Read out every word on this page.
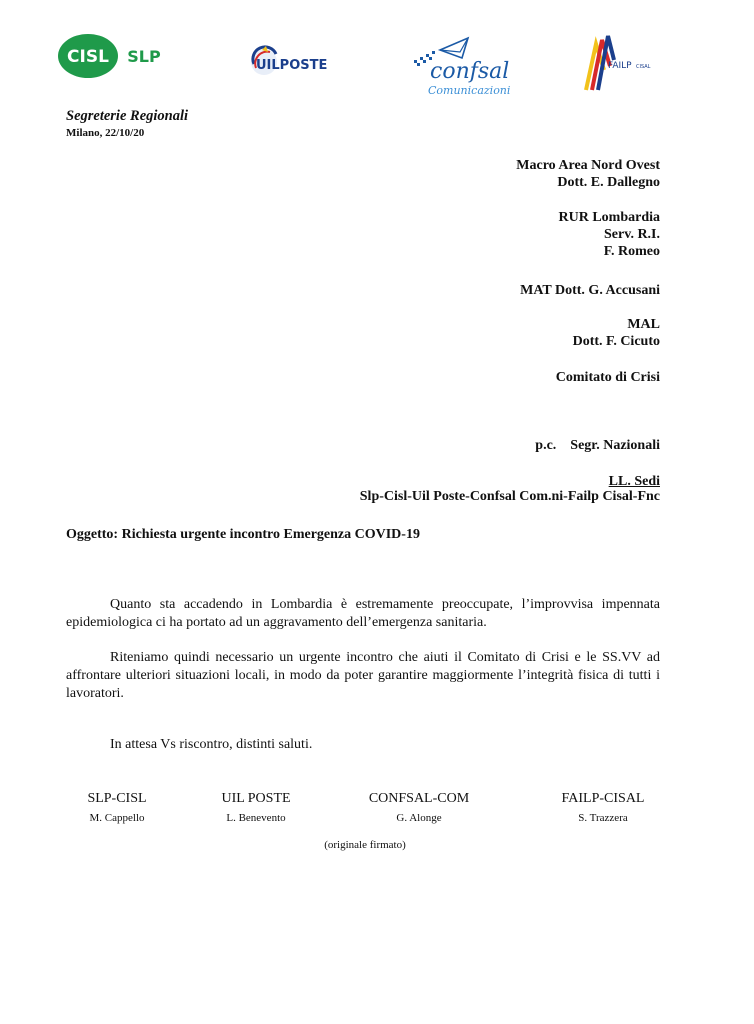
CISL SLP	UILPOSTE	confsal
Comunicazioni
FAILP CISAL
Segreterie Regionali
Milano, 22/10/20
Macro Area Nord Ovest
Dott. E. Dallegno
RUR Lombardia
Serv. R.I.
F. Romeo
MAT Dott. G. Accusani
MAL
Dott. F. Cicuto
Comitato di Crisi

p.c.    Segr. Nazionali

Slp-Cisl-Uil Poste-Confsal Com.ni-Failp Cisal-Fnc

LL. Sedi
Oggetto: Richiesta urgente incontro Emergenza COVID-19
Quanto sta accadendo in Lombardia è estremamente preoccupate, l’improvvisa impennata epidemiologica ci ha portato ad un aggravamento dell’emergenza sanitaria.
Riteniamo quindi necessario un urgente incontro che aiuti il Comitato di Crisi e le SS.VV ad affrontare ulteriori situazioni locali, in modo da poter garantire maggiormente l’integrità fisica di tutti i lavoratori.
In attesa Vs riscontro, distinti saluti.
SLP-CISL
M. Cappello
UIL POSTE
L. Benevento
CONFSAL-COM
G. Alonge
FAILP-CISAL
S. Trazzera
(originale firmato)
